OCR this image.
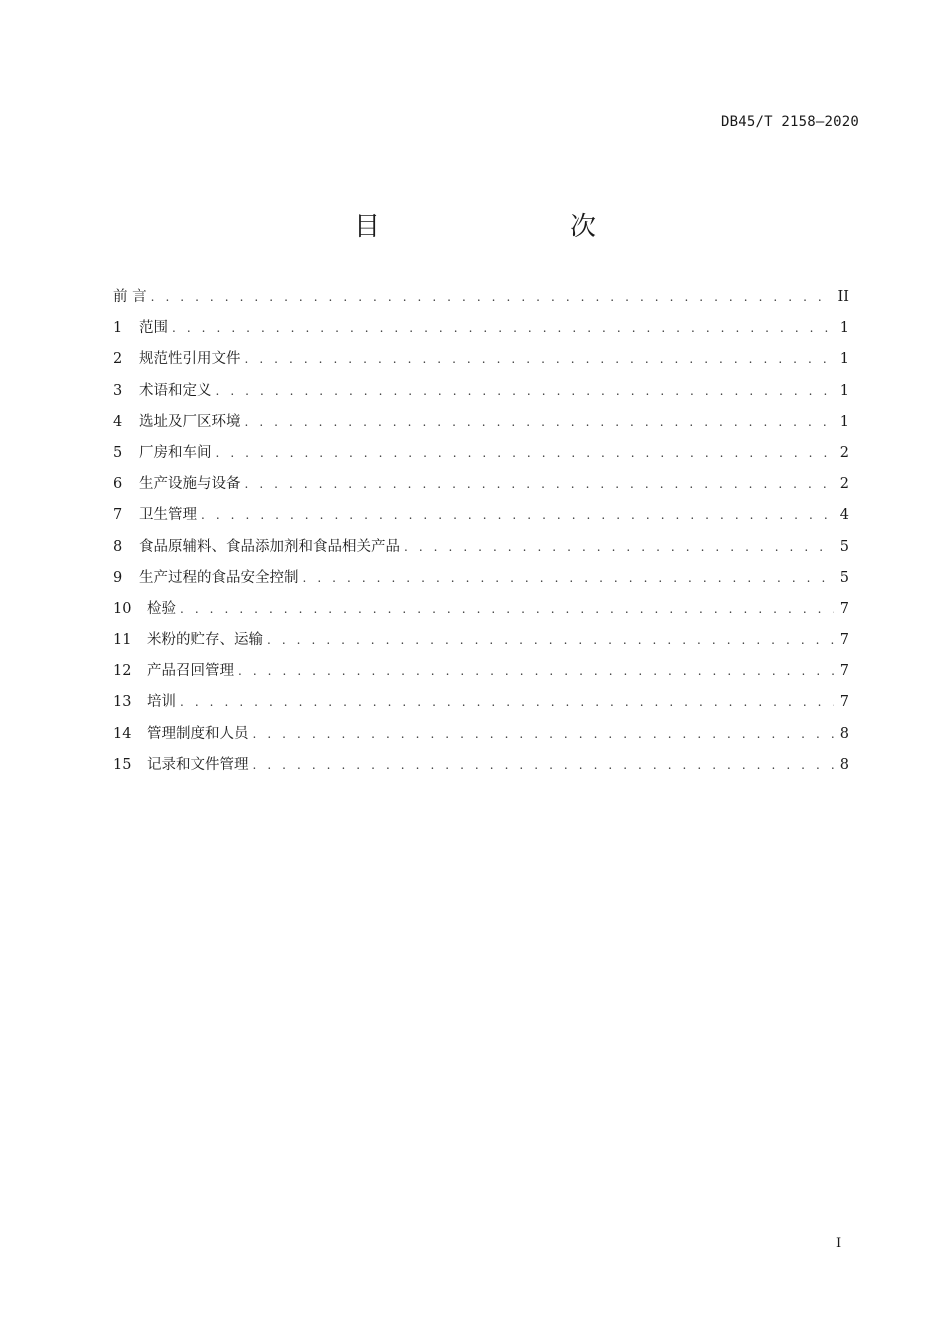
DB45/T 2158—2020
目　　次
前 言 . . .	II
1	范围 . . .	1
2	规范性引用文件 . . .	1
3	术语和定义 . . .	1
4	选址及厂区环境 . . .	1
5	厂房和车间 . . .	2
6	生产设施与设备 . . .	2
7	卫生管理 . . .	4
8	食品原辅料、食品添加剂和食品相关产品 . . .	5
9	生产过程的食品安全控制 . . .	5
10	检验 . . .	7
11	米粉的贮存、运输 . . .	7
12	产品召回管理 . . .	7
13	培训 . . .	7
14	管理制度和人员 . . .	8
15	记录和文件管理 . . .	8
I
